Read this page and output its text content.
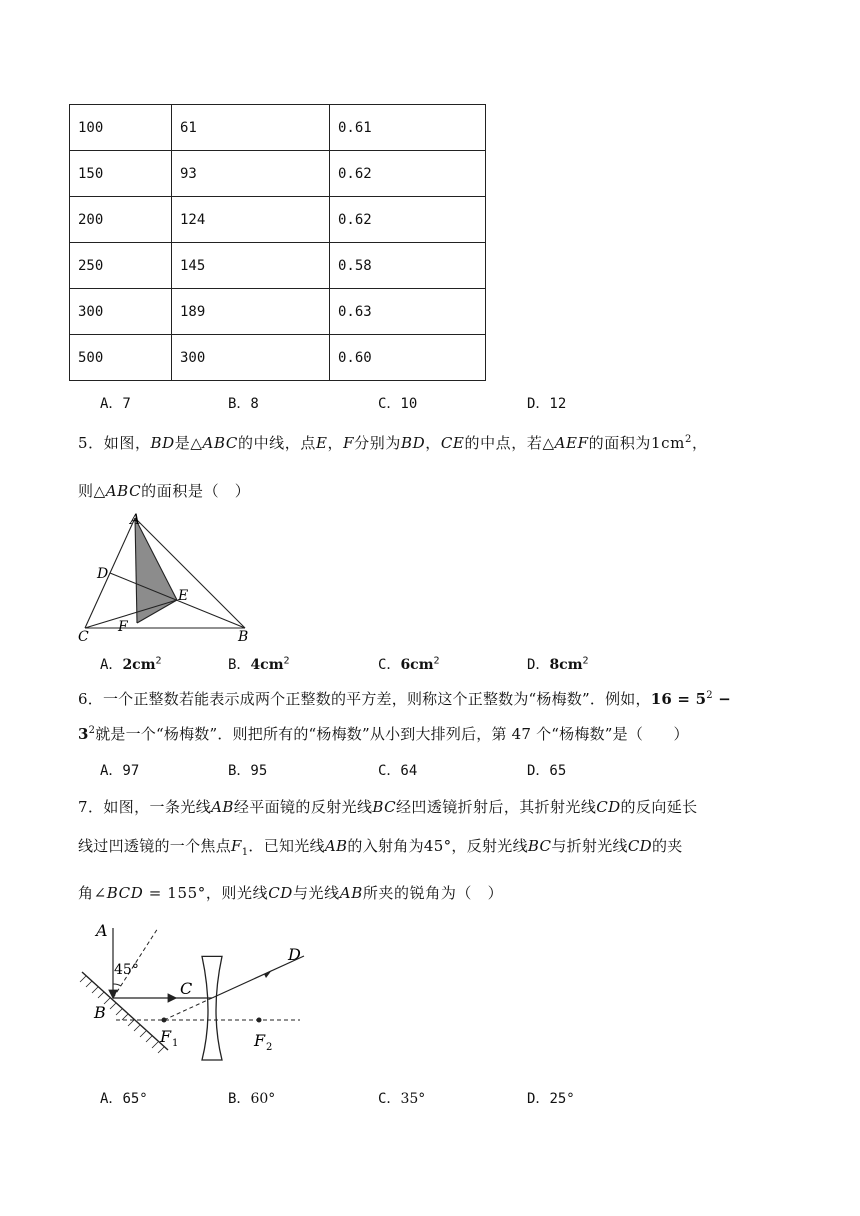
100	61	0.61
150	93	0.62
200	124	0.62
250	145	0.58
300	189	0.63
500	300	0.60
A．7	B．8	C．10	D．12
5．如图，BD是△ABC的中线，点E，F分别为BD，CE的中点，若△AEF的面积为$1cm^2$，
则△ABC的面积是（　）
A
D
E
F
C	B
A．$2cm^2$	B．$4cm^2$	C．$6cm^2$	D．$8cm^2$
6．一个正整数若能表示成两个正整数的平方差，则称这个正整数为“杨梅数”．例如，$16 = 5^2$ −
$3^2$就是一个“杨梅数”．则把所有的“杨梅数”从小到大排列后，第 47 个“杨梅数”是（　　）
A．97	B．95	C．64	D．65
7．如图，一条光线AB经平面镜的反射光线BC经凹透镜折射后，其折射光线CD的反向延长
线过凹透镜的一个焦点$F_1$．已知光线AB的入射角为45°，反射光线BC与折射光线CD的夹
角∠BCD = 155°，则光线CD与光线AB所夹的锐角为（　）
A
45°
C
D
B
F 1	F 2
A．65°	B．60°	C．35°	D．25°
